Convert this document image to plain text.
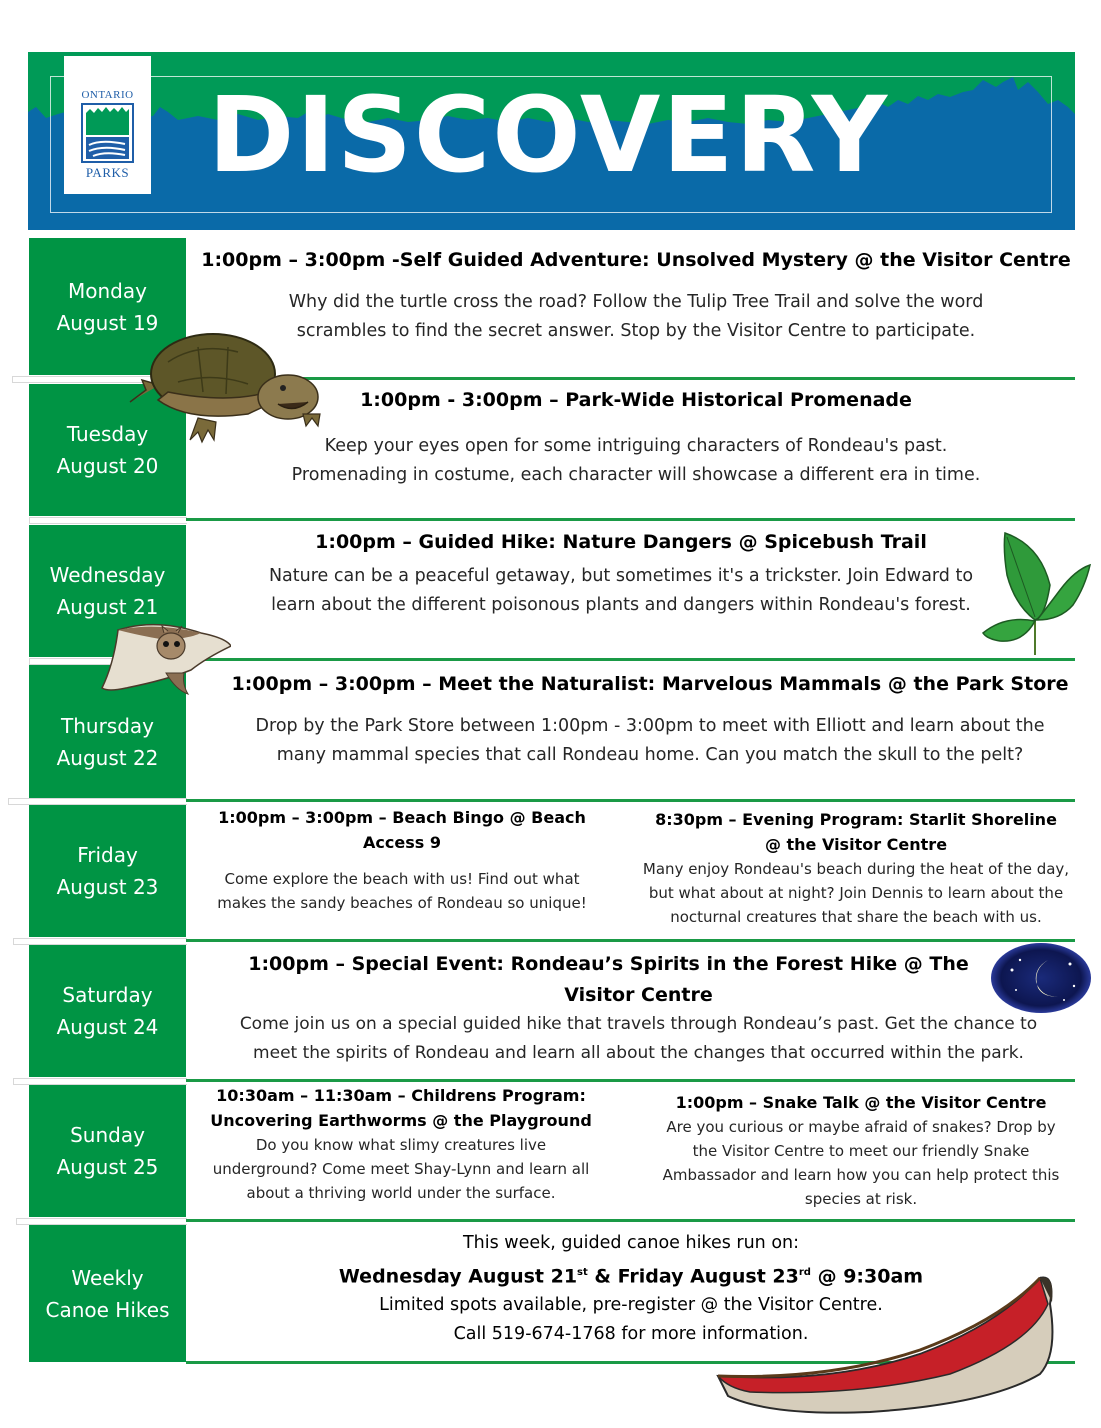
ONTARIO
PARKS DISCOVERY
Monday
August 19
1:00pm – 3:00pm -Self Guided Adventure: Unsolved Mystery @ the Visitor Centre
Why did the turtle cross the road? Follow the Tulip Tree Trail and solve the word
scrambles to find the secret answer. Stop by the Visitor Centre to participate.
Tuesday
August 20
1:00pm - 3:00pm – Park-Wide Historical Promenade
Keep your eyes open for some intriguing characters of Rondeau's past.
Promenading in costume, each character will showcase a different era in time.
Wednesday
August 21
1:00pm – Guided Hike: Nature Dangers @ Spicebush Trail
Nature can be a peaceful getaway, but sometimes it's a trickster. Join Edward to
learn about the different poisonous plants and dangers within Rondeau's forest.
Thursday
August 22
1:00pm – 3:00pm – Meet the Naturalist: Marvelous Mammals @ the Park Store
Drop by the Park Store between 1:00pm - 3:00pm to meet with Elliott and learn about the
many mammal species that call Rondeau home. Can you match the skull to the pelt?
Friday
August 23
1:00pm – 3:00pm – Beach Bingo @ Beach
Access 9
Come explore the beach with us! Find out what
makes the sandy beaches of Rondeau so unique!
8:30pm – Evening Program: Starlit Shoreline
@ the Visitor Centre
Many enjoy Rondeau's beach during the heat of the day,
but what about at night? Join Dennis to learn about the
nocturnal creatures that share the beach with us.
Saturday
August 24
1:00pm – Special Event: Rondeau’s Spirits in the Forest Hike @ The
Visitor Centre
Come join us on a special guided hike that travels through Rondeau’s past. Get the chance to
meet the spirits of Rondeau and learn all about the changes that occurred within the park.
Sunday
August 25
10:30am – 11:30am – Childrens Program:
Uncovering Earthworms @ the Playground
Do you know what slimy creatures live
underground? Come meet Shay-Lynn and learn all
about a thriving world under the surface.
1:00pm – Snake Talk @ the Visitor Centre
Are you curious or maybe afraid of snakes? Drop by
the Visitor Centre to meet our friendly Snake
Ambassador and learn how you can help protect this
species at risk.
Weekly
Canoe Hikes
This week, guided canoe hikes run on:
Wednesday August 21st & Friday August 23rd @ 9:30am
Limited spots available, pre-register @ the Visitor Centre.
Call 519-674-1768 for more information.
